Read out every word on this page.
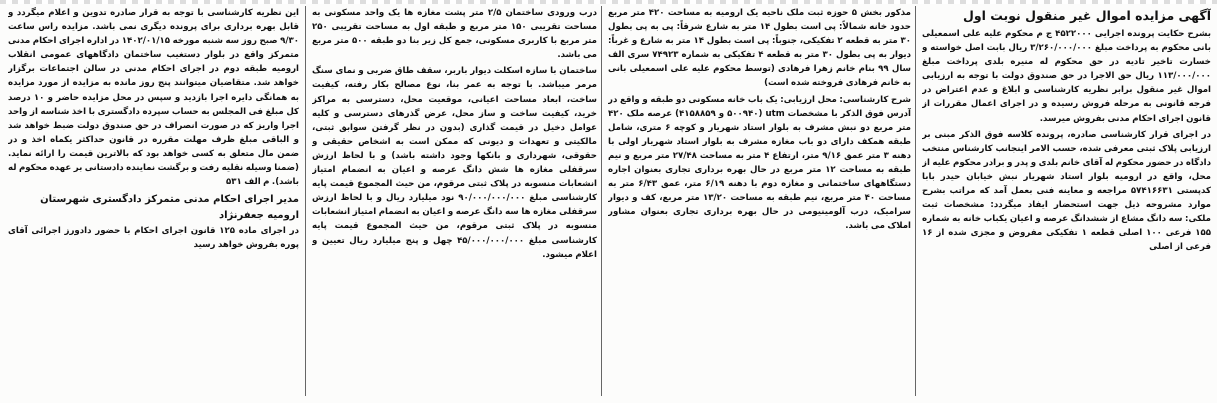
آگهی مزایده اموال غیر منقول نوبت اول

بشرح حکایت پرونده اجرایی ۴۵۲۲۰۰۰ ج م محکوم علیه علی اسمعیلی بانی محکوم به پرداخت مبلغ ۳/۲۶۰/۰۰۰/۰۰۰ ریال بابت اصل خواسته و خسارت تاخیر تادیه در حق محکوم له منیره بلدی پرداخت مبلغ ۱۱۳/۰۰۰/۰۰۰ ریال حق الاجرا در حق صندوق دولت با توجه به ارزیابی اموال غیر منقول برابر نظریه کارشناسی و ابلاغ و عدم اعتراض در فرجه قانونی به مرحله فروش رسیده و در اجرای اعمال مقررات از قانون اجرای احکام مدنی بفروش میرسد.

در اجرای قرار کارشناسی صادره، پرونده کلاسه فوق الذکر مبنی بر ارزیابی پلاک ثبتی معرفی شده، حسب الامر اینجانب کارشناس منتخب دادگاه در حضور محکوم له آقای خانم بلدی و پدر و برادر محکوم علیه از محل، واقع در ارومیه بلوار استاد شهریار نبش خیابان حیدر بابا کدپستی ۵۷۴۱۶۶۳۱ مراجعه و معاینه فنی بعمل آمد که مراتب بشرح موارد مشروحه ذیل جهت استحضار ایفاد میگردد: مشخصات ثبت ملکی: سه دانگ مشاع از ششدانگ عرصه و اعیان یکباب خانه به شماره ۱۵۵ فرعی ۱۰۰ اصلی قطعه ۱ تفکیکی مفروض و مجزی شده از ۱۶ فرعی از اصلی

مذکور بخش ۵ حوزه ثبت ملک ناحیه یک ارومیه به مساحت ۴۲۰ متر مربع حدود خانه شمالاً: پی است بطول ۱۴ متر به شارع شرقاً: پی به پی بطول ۳۰ متر به قطعه ۲ تفکیکی، جنوباً: پی است بطول ۱۴ متر به شارع و غرباً: دیوار به پی بطول ۳۰ متر به قطعه ۴ تفکیکی به شماره ۷۴۹۲۳ سری الف سال ۹۹ بنام خانم زهرا فرهادی (توسط محکوم علیه علی اسمعیلی بانی به خانم فرهادی فروخته شده است)

شرح کارشناسی: محل ارزیابی: یک باب خانه مسکونی دو طبقه و واقع در آدرس فوق الذکر با مشخصات utm (۵۰۰۹۴۰ و ۴۱۵۸۸۵۹) عرصه ملک ۴۲۰ متر مربع دو نبش مشرف به بلوار استاد شهریار و کوچه ۶ متری، شامل طبقه همکف دارای دو باب مغازه مشرف به بلوار استاد شهریار اولی با دهنه ۳ متر عمق ۹/۱۶ متر، ارتفاع ۴ متر به مساحت ۲۷/۴۸ متر مربع و نیم طبقه به مساحت ۱۲ متر مربع در حال بهره برداری تجاری بعنوان اجاره دستگاههای ساختمانی و مغازه دوم با دهنه ۶/۱۹ متر، عمق ۶/۴۳ متر به مساحت ۴۰ متر مربع، نیم طبقه به مساحت ۱۳/۲۰ متر مربع، کف و دیوار سرامیک، درب آلومینیومی در حال بهره برداری تجاری بعنوان مشاور املاک می باشد.

درب ورودی ساختمان ۲/۵ متر پشت مغازه ها یک واحد مسکونی به مساحت تقریبی ۱۵۰ متر مربع و طبقه اول به مساحت تقریبی ۲۵۰ متر مربع با کاربری مسکونی، جمع کل زیر بنا دو طبقه ۵۰۰ متر مربع می باشد.

ساختمان با سازه اسکلت دیوار باربر، سقف طاق ضربی و نمای سنگ مرمر میباشد. با توجه به عمر بنا، نوع مصالح بکار رفته، کیفیت ساخت، ابعاد مساحت اعیانی، موقعیت محل، دسترسی به مراکز خرید، کیفیت ساخت و ساز محل، عرض گذرهای دسترسی و کلیه عوامل دخیل در قیمت گذاری (بدون در نظر گرفتن سوابق ثبتی، مالکیتی و تعهدات و دیونی که ممکن است به اشخاص حقیقی و حقوقی، شهرداری و بانکها وجود داشته باشد) و با لحاظ ارزش سرقفلی مغازه ها شش دانگ عرصه و اعیان به انضمام امتیاز انشعابات منسوبه در پلاک ثبتی مرقوم، من حیث المجموع قیمت پایه کارشناسی مبلغ ۹۰/۰۰۰/۰۰۰/۰۰۰ نود میلیارد ریال و با لحاظ ارزش سرقفلی مغازه ها سه دانگ عرصه و اعیان به انضمام امتیاز انشعابات منسوبه در پلاک ثبتی مرقوم، من حیث المجموع قیمت پایه کارشناسی مبلغ ۴۵/۰۰۰/۰۰۰/۰۰۰ چهل و پنج میلیارد ریال تعیین و اعلام میشود.

این نظریه کارشناسی با توجه به قرار صادره تدوین و اعلام میگردد و قابل بهره برداری برای پرونده دیگری نمی باشد. مزایده راس ساعت ۹/۳۰ صبح روز سه شنبه مورخه ۱۴۰۲/۰۱/۱۵ در اداره اجرای احکام مدنی متمرکز واقع در بلوار دستغیب ساختمان دادگاههای عمومی انقلاب ارومیه طبقه دوم در اجرای احکام مدنی در سالن اجتماعات برگزار خواهد شد. متقاضیان میتوانند پنج روز مانده به مزایده از مورد مزایده به همانگی دایره اجرا بازدید و سپس در محل مزایده حاضر و ۱۰ درصد کل مبلغ فی المجلس به حساب سپرده دادگستری با اخذ شناسه از واحد اجرا واریز که در صورت انصراف در حق صندوق دولت ضبط خواهد شد و الباقی مبلغ ظرف مهلت مقرره در قانون حداکثر یکماه اخذ و در ضمن مال متعلق به کسی خواهد بود که بالاترین قیمت را ارائه نماید. (ضمنا وسیله نقلیه رفت و برگشت نماینده دادستانی بر عهده محکوم له باشد). م الف ۵۳۱

مدیر اجرای احکام مدنی متمرکز دادگستری شهرستان ارومیه جعفرنژاد

در اجرای ماده ۱۲۵ قانون اجرای احکام با حضور دادورز اجرائی آقای پوره بفروش خواهد رسید
